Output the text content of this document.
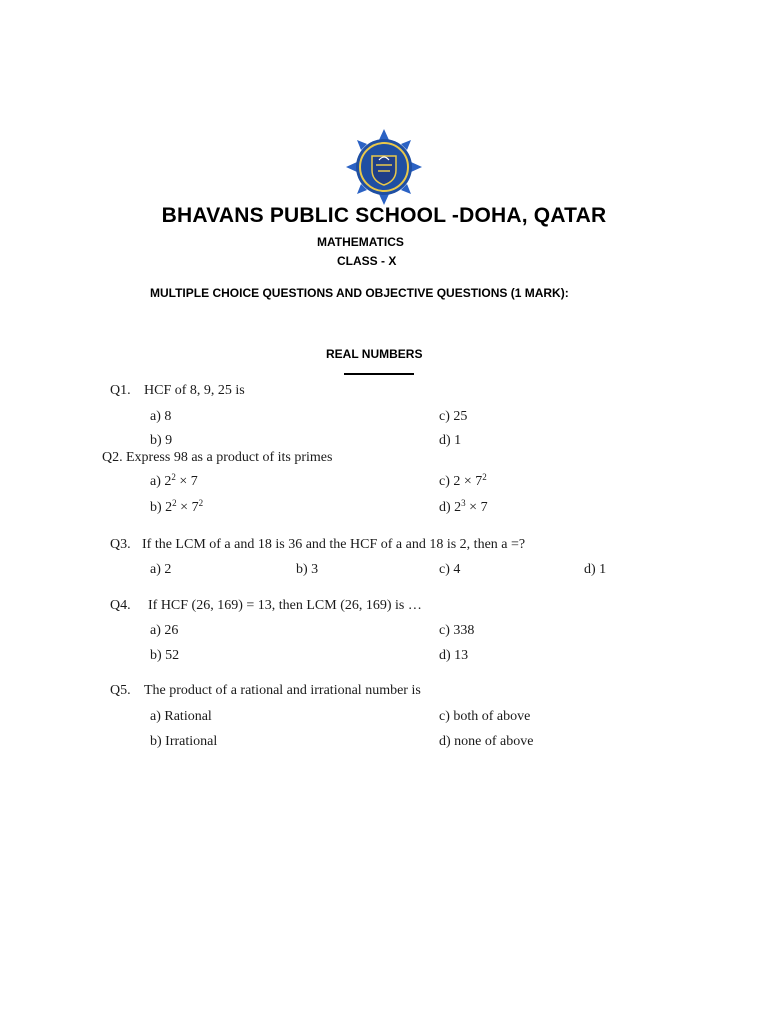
BHAVANS PUBLIC SCHOOL -DOHA, QATAR
MATHEMATICS
CLASS - X
MULTIPLE CHOICE QUESTIONS AND OBJECTIVE QUESTIONS (1 MARK):
REAL NUMBERS
Q1. HCF of 8, 9, 25 is
a) 8	c) 25
b) 9	d) 1
Q2. Express 98 as a product of its primes
a) $2^2 \times 7$	c) $2 \times 7^2$
b) $2^2 \times 7^2$	d) $2^3 \times 7$
Q3. If the LCM of a and 18 is 36 and the HCF of a and 18 is 2, then a =?
a) 2	b) 3	c) 4	d) 1
Q4. If HCF (26, 169) = 13, then LCM (26, 169) is …
a) 26	c) 338
b) 52	d) 13
Q5. The product of a rational and irrational number is
a) Rational	c) both of above
b) Irrational	d) none of above
